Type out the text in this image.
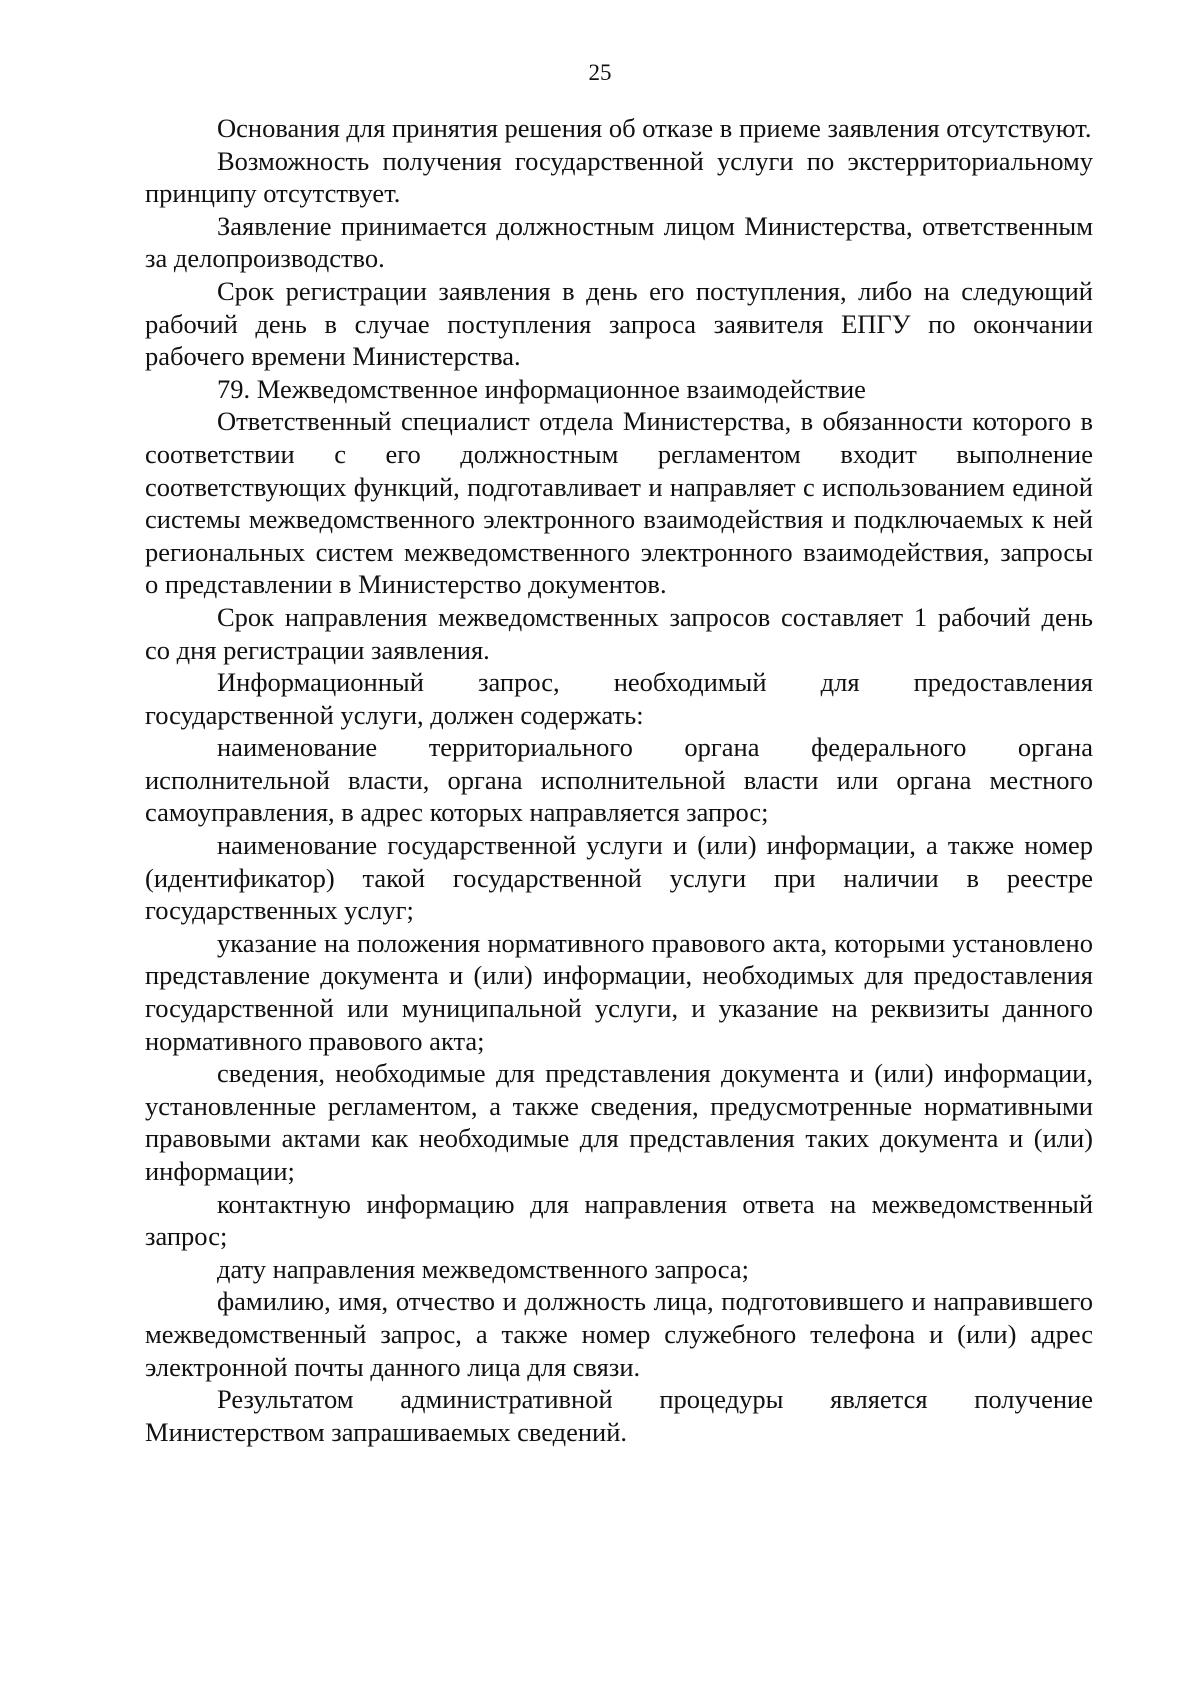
25

Основания для принятия решения об отказе в приеме заявления отсутствуют.

Возможность получения государственной услуги по экстерриториальному принципу отсутствует.

Заявление принимается должностным лицом Министерства, ответственным за делопроизводство.

Срок регистрации заявления в день его поступления, либо на следующий рабочий день в случае поступления запроса заявителя ЕПГУ по окончании рабочего времени Министерства.

79. Межведомственное информационное взаимодействие

Ответственный специалист отдела Министерства, в обязанности которого в соответствии с его должностным регламентом входит выполнение соответствующих функций, подготавливает и направляет с использованием единой системы межведомственного электронного взаимодействия и подключаемых к ней региональных систем межведомственного электронного взаимодействия, запросы о представлении в Министерство документов.

Срок направления межведомственных запросов составляет 1 рабочий день со дня регистрации заявления.

Информационный запрос, необходимый для предоставления государственной услуги, должен содержать:

наименование территориального органа федерального органа исполнительной власти, органа исполнительной власти или органа местного самоуправления, в адрес которых направляется запрос;

наименование государственной услуги и (или) информации, а также номер (идентификатор) такой государственной услуги при наличии в реестре государственных услуг;

указание на положения нормативного правового акта, которыми установлено представление документа и (или) информации, необходимых для предоставления государственной или муниципальной услуги, и указание на реквизиты данного нормативного правового акта;

сведения, необходимые для представления документа и (или) информации, установленные регламентом, а также сведения, предусмотренные нормативными правовыми актами как необходимые для представления таких документа и (или) информации;

контактную информацию для направления ответа на межведомственный запрос;

дату направления межведомственного запроса;

фамилию, имя, отчество и должность лица, подготовившего и направившего межведомственный запрос, а также номер служебного телефона и (или) адрес электронной почты данного лица для связи.

Результатом административной процедуры является получение Министерством запрашиваемых сведений.
